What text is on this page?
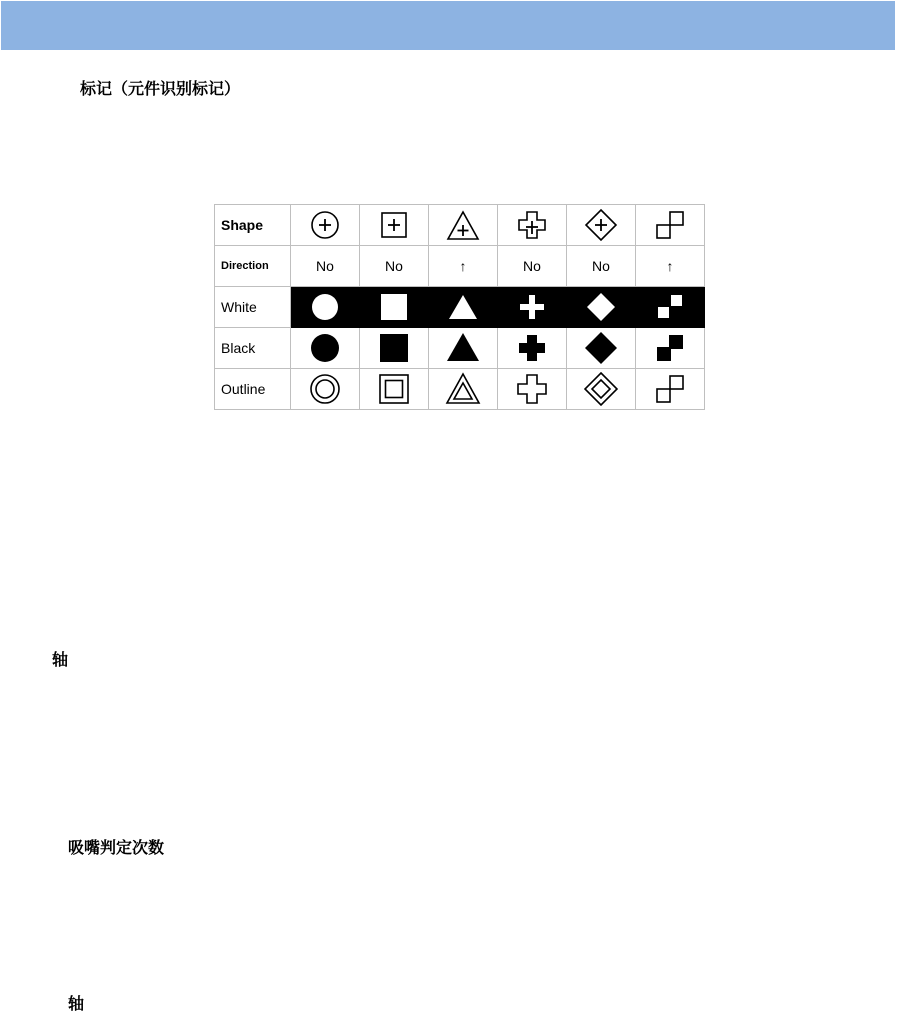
标记（元件识别标记）
Shape	

Direction	No	No	↑	No	No	↑
White	

Black	

Outline	

轴
吸嘴判定次数
轴
